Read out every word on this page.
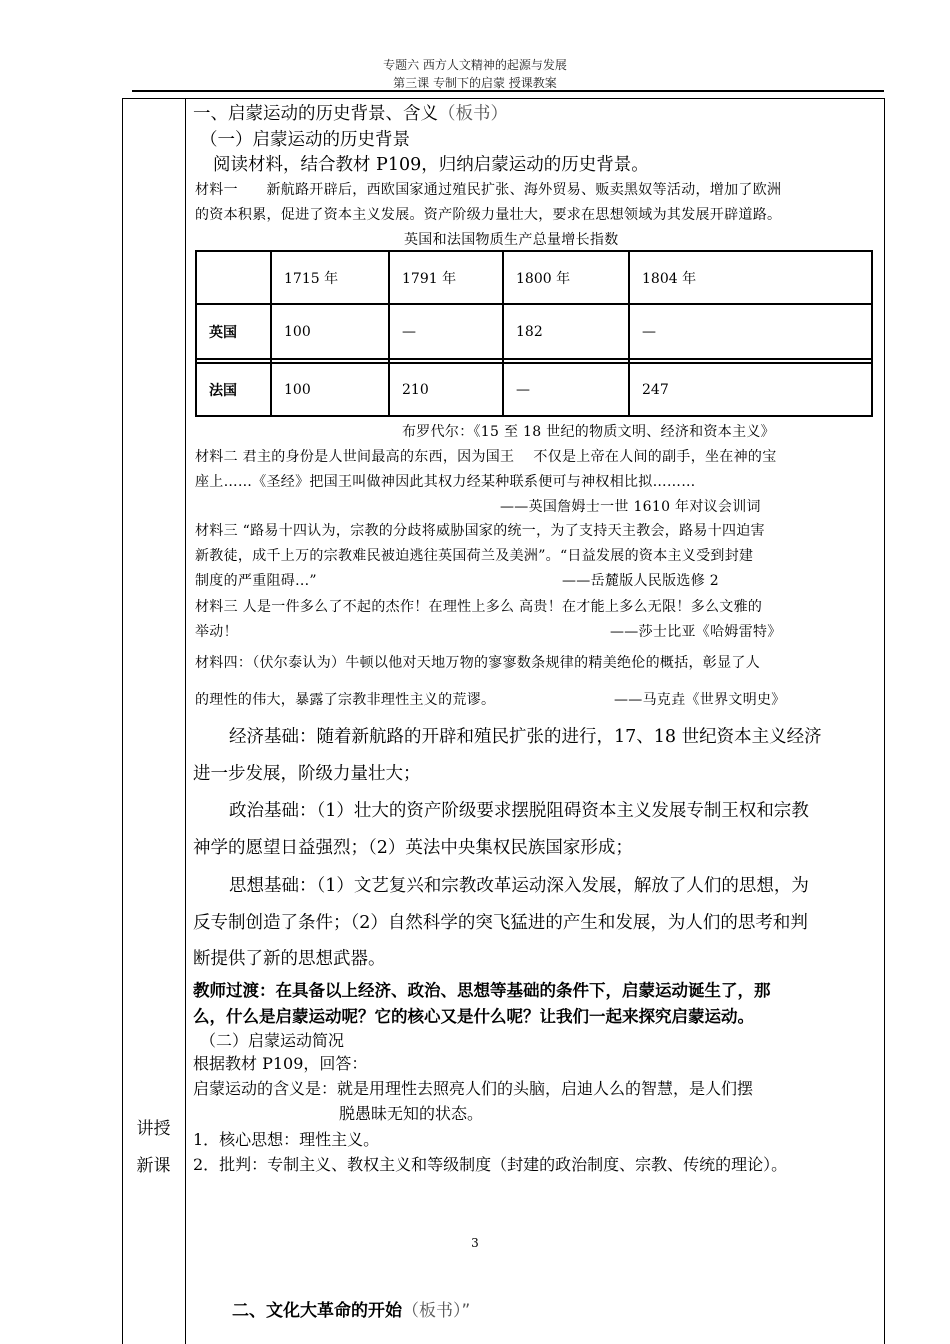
专题六 西方人文精神的起源与发展
第三课 专制下的启蒙 授课教案
讲授
新课
一、启蒙运动的历史背景、含义（板书）
（一）启蒙运动的历史背景
阅读材料，结合教材 P109，归纳启蒙运动的历史背景。
材料一　　新航路开辟后，西欧国家通过殖民扩张、海外贸易、贩卖黑奴等活动，增加了欧洲
的资本积累，促进了资本主义发展。资产阶级力量壮大，要求在思想领域为其发展开辟道路。
英国和法国物质生产总量增长指数
	1715 年	1791 年	1800 年	1804 年
英国	100	—	182	—

法国	100	210	—	247
布罗代尔：《15 至 18 世纪的物质文明、经济和资本主义》
材料二 君主的身份是人世间最高的东西，因为国王　 不仅是上帝在人间的副手，坐在神的宝
座上……《圣经》把国王叫做神因此其权力经某种联系便可与神权相比拟………
——英国詹姆士一世 1610 年对议会训词
材料三 “路易十四认为，宗教的分歧将威胁国家的统一，为了支持天主教会，路易十四迫害
新教徒，成千上万的宗教难民被迫逃往英国荷兰及美洲”。“日益发展的资本主义受到封建
制度的严重阻碍...”	——岳麓版人民版选修 2
材料三 人是一件多么了不起的杰作！在理性上多么 高贵！在才能上多么无限！多么文雅的
举动！	——莎士比亚《哈姆雷特》
材料四：（伏尔泰认为）牛顿以他对天地万物的寥寥数条规律的精美绝伦的概括，彰显了人
的理性的伟大，暴露了宗教非理性主义的荒谬。	——马克垚《世界文明史》
经济基础：随着新航路的开辟和殖民扩张的进行，17、18 世纪资本主义经济
进一步发展，阶级力量壮大；
政治基础：（1）壮大的资产阶级要求摆脱阻碍资本主义发展专制王权和宗教
神学的愿望日益强烈；（2）英法中央集权民族国家形成；
思想基础：（1）文艺复兴和宗教改革运动深入发展，解放了人们的思想，为
反专制创造了条件；（2）自然科学的突飞猛进的产生和发展，为人们的思考和判
断提供了新的思想武器。
教师过渡：在具备以上经济、政治、思想等基础的条件下，启蒙运动诞生了，那
么，什么是启蒙运动呢？它的核心又是什么呢？让我们一起来探究启蒙运动。
（二）启蒙运动简况
根据教材 P109，回答：
启蒙运动的含义是：就是用理性去照亮人们的头脑，启迪人么的智慧，是人们摆
脱愚昧无知的状态。
1．核心思想：理性主义。
2．批判：专制主义、教权主义和等级制度（封建的政治制度、宗教、传统的理论）。
3
二、文化大革命的开始（板书）”
